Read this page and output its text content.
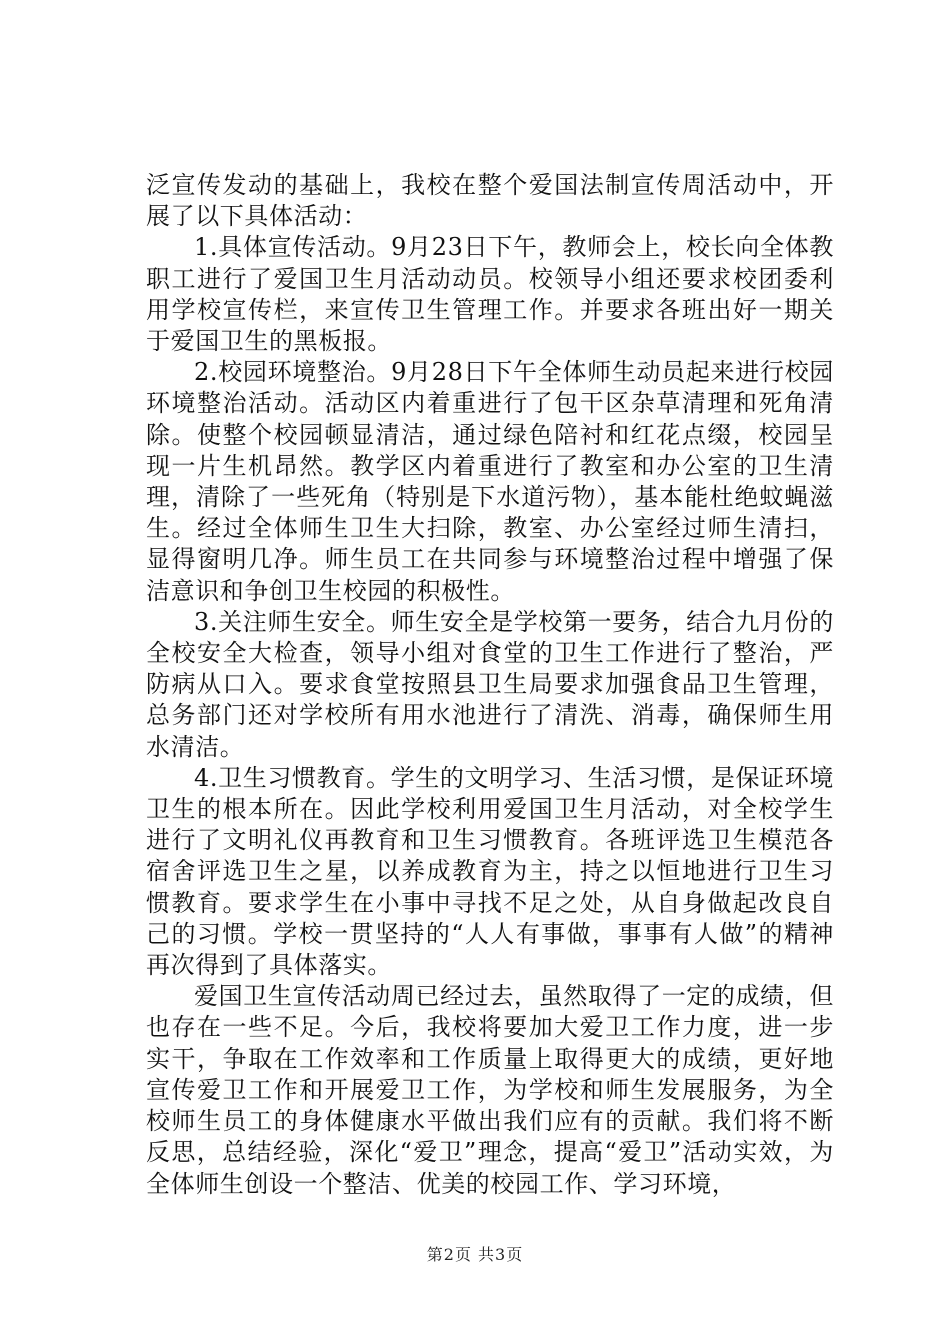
泛宣传发动的基础上，我校在整个爱国法制宣传周活动中，开展了以下具体活动：

1.具体宣传活动。9月23日下午，教师会上，校长向全体教职工进行了爱国卫生月活动动员。校领导小组还要求校团委利用学校宣传栏，来宣传卫生管理工作。并要求各班出好一期关于爱国卫生的黑板报。

2.校园环境整治。9月28日下午全体师生动员起来进行校园环境整治活动。活动区内着重进行了包干区杂草清理和死角清除。使整个校园顿显清洁，通过绿色陪衬和红花点缀，校园呈现一片生机昂然。教学区内着重进行了教室和办公室的卫生清理，清除了一些死角（特别是下水道污物），基本能杜绝蚊蝇滋生。经过全体师生卫生大扫除，教室、办公室经过师生清扫，显得窗明几净。师生员工在共同参与环境整治过程中增强了保洁意识和争创卫生校园的积极性。

3.关注师生安全。师生安全是学校第一要务，结合九月份的全校安全大检查，领导小组对食堂的卫生工作进行了整治，严防病从口入。要求食堂按照县卫生局要求加强食品卫生管理，总务部门还对学校所有用水池进行了清洗、消毒，确保师生用水清洁。

4.卫生习惯教育。学生的文明学习、生活习惯，是保证环境卫生的根本所在。因此学校利用爱国卫生月活动，对全校学生进行了文明礼仪再教育和卫生习惯教育。各班评选卫生模范各宿舍评选卫生之星，以养成教育为主，持之以恒地进行卫生习惯教育。要求学生在小事中寻找不足之处，从自身做起改良自己的习惯。学校一贯坚持的“人人有事做，事事有人做”的精神再次得到了具体落实。

爱国卫生宣传活动周已经过去，虽然取得了一定的成绩，但也存在一些不足。今后，我校将要加大爱卫工作力度，进一步实干，争取在工作效率和工作质量上取得更大的成绩，更好地宣传爱卫工作和开展爱卫工作，为学校和师生发展服务，为全校师生员工的身体健康水平做出我们应有的贡献。我们将不断反思，总结经验，深化“爱卫”理念，提高“爱卫”活动实效，为全体师生创设一个整洁、优美的校园工作、学习环境，

第2页 共3页
